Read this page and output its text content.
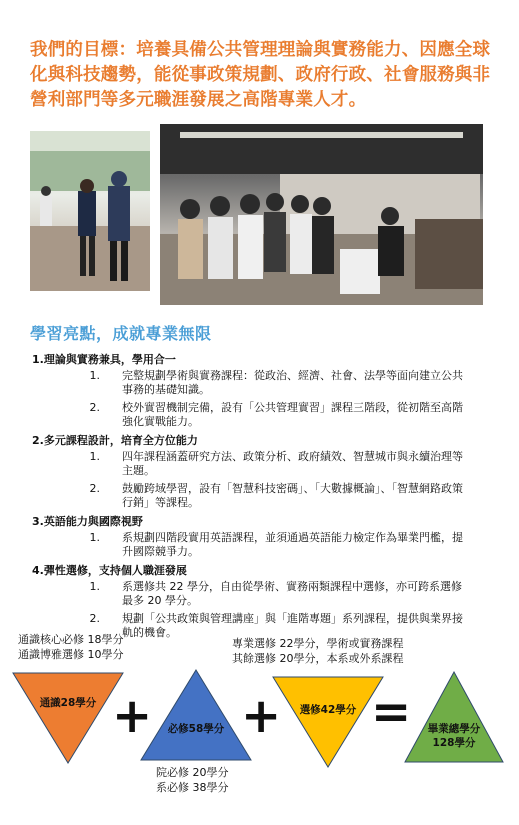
我們的目標：培養具備公共管理理論與實務能力、因應全球化與科技趨勢，能從事政策規劃、政府行政、社會服務與非營利部門等多元職涯發展之高階專業人才。
學習亮點，成就專業無限
1.理論與實務兼具，學用合一
1.	完整規劃學術與實務課程：從政治、經濟、社會、法學等面向建立公共事務的基礎知識。
2.	校外實習機制完備，設有「公共管理實習」課程三階段，從初階至高階強化實戰能力。
2.多元課程設計，培育全方位能力
1.	四年課程涵蓋研究方法、政策分析、政府績效、智慧城市與永續治理等主題。
2.	鼓勵跨域學習，設有「智慧科技密碼」、「大數據概論」、「智慧網路政策行銷」等課程。
3.英語能力與國際視野
1.	系規劃四階段實用英語課程，並須通過英語能力檢定作為畢業門檻，提升國際競爭力。
4.彈性選修，支持個人職涯發展
1.	系選修共 22 學分，自由從學術、實務兩類課程中選修，亦可跨系選修最多 20 學分。
2.	規劃「公共政策與管理講座」與「進階專題」系列課程，提供與業界接軌的機會。
通識核心必修 18學分
通識博雅選修 10學分
專業選修 22學分，學術或實務課程
其餘選修 20學分，本系或外系課程
院必修 20學分
系必修 38學分
通識28學分 +	必修58學分 +	選修42學分 =	畢業總學分
128學分
